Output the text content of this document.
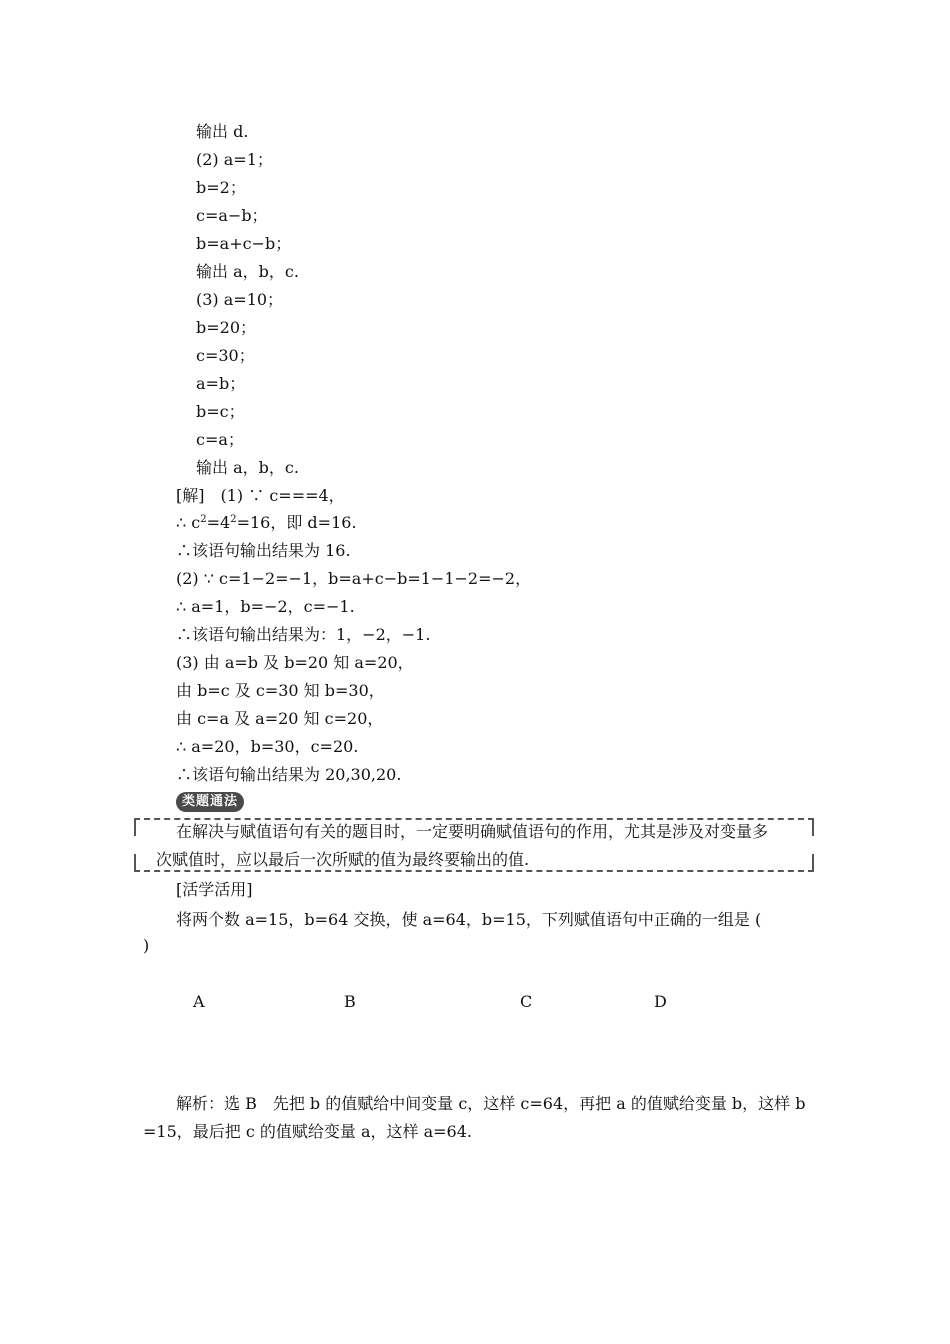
输出 d.
(2) a=1；
b=2；
c=a−b；
b=a+c−b；
输出 a，b，c.
(3) a=10；
b=20；
c=30；
a=b；
b=c；
c=a；
输出 a，b，c.
[解]　(1) ∵ c===4，
∴ $c^2=4^2=16$，即 d=16.
∴该语句输出结果为 16.
(2) ∵ c=1−2=−1，b=a+c−b=1−1−2=−2，
∴ a=1，b=−2，c=−1.
∴该语句输出结果为：1，−2，−1.
(3) 由 a=b 及 b=20 知 a=20，
由 b=c 及 c=30 知 b=30，
由 c=a 及 a=20 知 c=20，
∴ a=20，b=30，c=20.
∴该语句输出结果为 20,30,20.
类题通法
在解决与赋值语句有关的题目时，一定要明确赋值语句的作用，尤其是涉及对变量多
次赋值时，应以最后一次所赋的值为最终要输出的值.
[活学活用]
将两个数 a=15，b=64 交换，使 a=64，b=15，下列赋值语句中正确的一组是 (
)
A	B	C	D
解析：选 B　先把 b 的值赋给中间变量 c，这样 c=64，再把 a 的值赋给变量 b，这样 b
=15，最后把 c 的值赋给变量 a，这样 a=64.
